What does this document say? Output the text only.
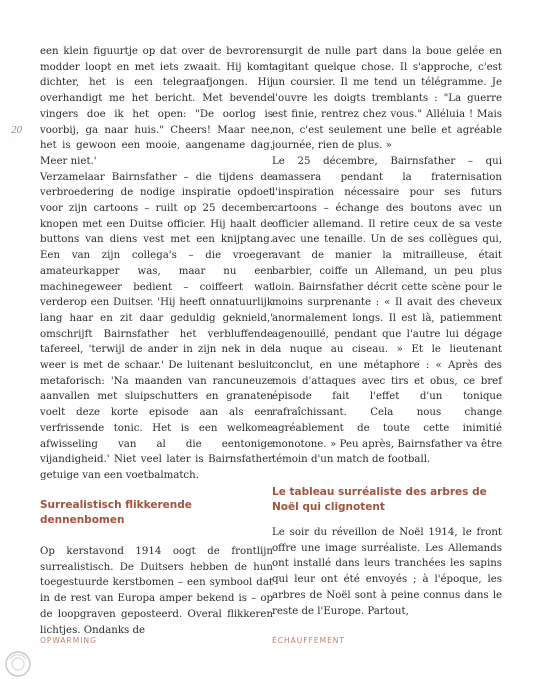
20

een klein figuurtje op dat over de bevroren modder loopt en met iets zwaait. Hij komt dichter, het is een telegraafjongen. Hij overhandigt me het bericht. Met bevende vingers doe ik het open: "De oorlog is voorbij, ga naar huis." Cheers! Maar nee, het is gewoon een mooie, aangename dag. Meer niet.'

Verzamelaar Bairnsfather – die tijdens de verbroedering de nodige inspiratie opdoet voor zijn cartoons – ruilt op 25 december knopen met een Duitse officier. Hij haalt de buttons van diens vest met een knijptang. Een van zijn collega's – die vroeger amateurkapper was, maar nu een machinegeweer bedient – coiffeert wat verderop een Duitser. 'Hij heeft onnatuurlijk lang haar en zit daar geduldig geknield,' omschrijft Bairnsfather het verbluffende tafereel, 'terwijl de ander in zijn nek in de weer is met de schaar.' De luitenant besluit metaforisch: 'Na maanden van rancuneuze aanvallen met sluipschutters en granaten voelt deze korte episode aan als een verfrissende tonic. Het is een welkome afwisseling van al die eentonige vijandigheid.' Niet veel later is Bairnsfather getuige van een voetbalmatch.

surgit de nulle part dans la boue gelée en agitant quelque chose. Il s'approche, c'est un coursier. Il me tend un télégramme. Je l'ouvre les doigts tremblants : "La guerre est finie, rentrez chez vous." Alléluia ! Mais non, c'est seulement une belle et agréable journée, rien de plus. »

Le 25 décembre, Bairnsfather – qui amassera pendant la fraternisation l'inspiration nécessaire pour ses futurs cartoons – échange des boutons avec un officier allemand. Il retire ceux de sa veste avec une tenaille. Un de ses collègues qui, avant de manier la mitrailleuse, était barbier, coiffe un Allemand, un peu plus loin. Bairnsfather décrit cette scène pour le moins surprenante : « Il avait des cheveux anormalement longs. Il est là, patiemment agenouillé, pendant que l'autre lui dégage la nuque au ciseau. » Et le lieutenant conclut, en une métaphore : « Après des mois d'attaques avec tirs et obus, ce bref épisode fait l'effet d'un tonique rafraîchissant. Cela nous change agréablement de toute cette inimitié monotone. » Peu après, Bairnsfather va être témoin d'un match de football.

Surrealistisch flikkerende dennenbomen

Op kerstavond 1914 oogt de frontlijn surrealistisch. De Duitsers hebben de hun toegestuurde kerstbomen – een symbool dat in de rest van Europa amper bekend is – op de loopgraven geposteerd. Overal flikkeren lichtjes. Ondanks de

Le tableau surréaliste des arbres de Noël qui clignotent

Le soir du réveillon de Noël 1914, le front offre une image surréaliste. Les Allemands ont installé dans leurs tranchées les sapins qui leur ont été envoyés ; à l'époque, les arbres de Noël sont à peine connus dans le reste de l'Europe. Partout,

OPWARMING	ÉCHAUFFEMENT
